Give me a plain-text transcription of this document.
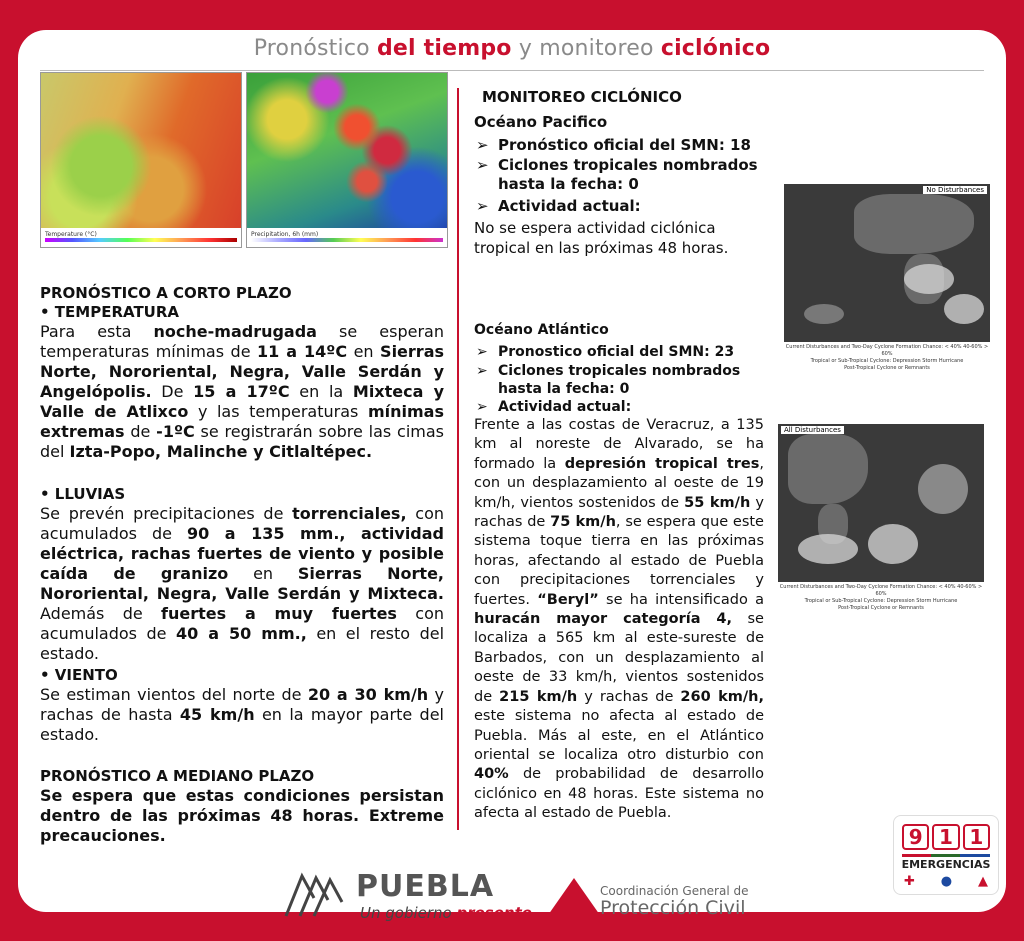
Pronóstico del tiempo y monitoreo ciclónico
Temperature (°C)	Precipitation, 6h (mm)
PRONÓSTICO A CORTO PLAZO
• TEMPERATURA
Para esta noche-madrugada se esperan temperaturas mínimas de 11 a 14ºC en Sierras Norte, Nororiental, Negra, Valle Serdán y Angelópolis. De 15 a 17ºC en la Mixteca y Valle de Atlixco y las temperaturas mínimas extremas de -1ºC se registrarán sobre las cimas del Izta-Popo, Malinche y Citlaltépec.
• LLUVIAS
Se prevén precipitaciones de torrenciales, con acumulados de 90 a 135 mm., actividad eléctrica, rachas fuertes de viento y posible caída de granizo en Sierras Norte, Nororiental, Negra, Valle Serdán y Mixteca. Además de fuertes a muy fuertes con acumulados de 40 a 50 mm., en el resto del estado.
• VIENTO
Se estiman vientos del norte de 20 a 30 km/h y rachas de hasta 45 km/h en la mayor parte del estado.
PRONÓSTICO A MEDIANO PLAZO
Se espera que estas condiciones persistan dentro de las próximas 48 horas. Extreme precauciones.
MONITOREO CICLÓNICO
Océano Pacifico
➢ Pronóstico oficial del SMN: 18
➢ Ciclones tropicales nombrados hasta la fecha: 0
➢ Actividad actual:
No se espera actividad ciclónica tropical en las próximas 48 horas.
No Disturbances
Current Disturbances and Two-Day Cyclone Formation Chance: < 40% 40-60% > 60%
Tropical or Sub-Tropical Cyclone: Depression Storm Hurricane
Post-Tropical Cyclone or Remnants
Océano Atlántico
➢ Pronostico oficial del SMN: 23
➢ Ciclones tropicales nombrados hasta la fecha: 0
➢ Actividad actual:
Frente a las costas de Veracruz, a 135 km al noreste de Alvarado, se ha formado la depresión tropical tres, con un desplazamiento al oeste de 19 km/h, vientos sostenidos de 55 km/h y rachas de 75 km/h, se espera que este sistema toque tierra en las próximas horas, afectando al estado de Puebla con precipitaciones torrenciales y fuertes. “Beryl” se ha intensificado a huracán mayor categoría 4, se localiza a 565 km al este-sureste de Barbados, con un desplazamiento al oeste de 33 km/h, vientos sostenidos de 215 km/h y rachas de 260 km/h, este sistema no afecta al estado de Puebla. Más al este, en el Atlántico oriental se localiza otro disturbio con 40% de probabilidad de desarrollo ciclónico en 48 horas. Este sistema no afecta al estado de Puebla.
All Disturbances
Current Disturbances and Two-Day Cyclone Formation Chance: < 40% 40-60% > 60%
Tropical or Sub-Tropical Cyclone: Depression Storm Hurricane
Post-Tropical Cyclone or Remnants
PUEBLA
Un gobierno presente
Coordinación General de
Protección Civil
9 1 1
EMERGENCIAS
✚ ● ▲
